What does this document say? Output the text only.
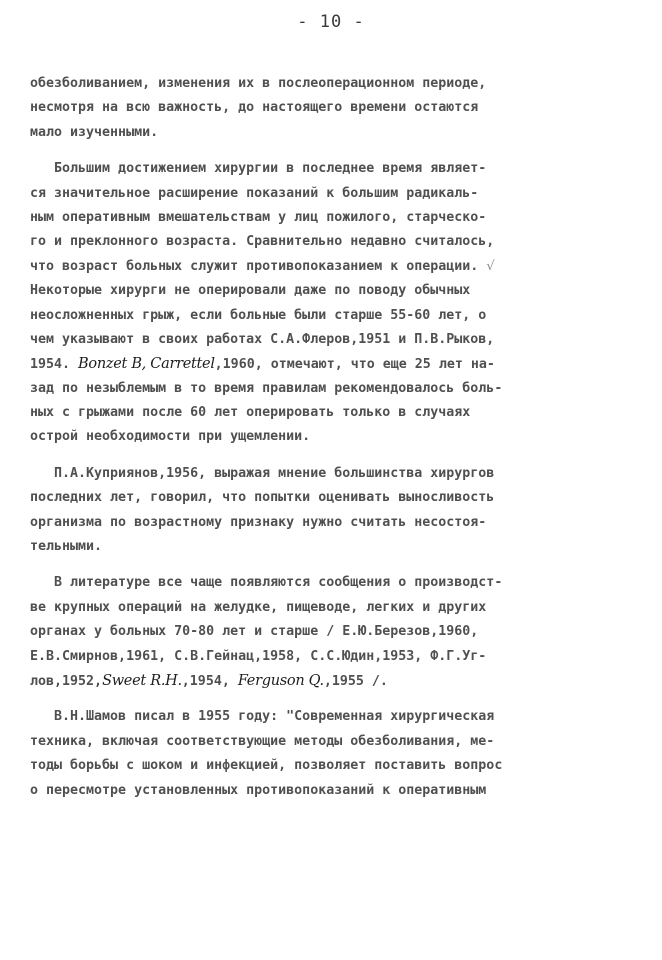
- 10 -
обезболиванием, изменения их в послеоперационном периоде,
несмотря на всю важность, до настоящего времени остаются
мало изученными.
Большим достижением хирургии в последнее время являет-
ся значительное расширение показаний к большим радикаль-
ным оперативным вмешательствам у лиц пожилого, старческо-
го и преклонного возраста. Сравнительно недавно считалось,
что возраст больных служит противопоказанием к операции. √
Некоторые хирурги не оперировали даже по поводу обычных
неосложненных грыж, если больные были старше 55-60 лет, о
чем указывают в своих работах С.А.Флеров,1951 и П.В.Рыков,
1954. Bonzet B, Carrettel,1960, отмечают, что еще 25 лет на-
зад по незыблемым в то время правилам рекомендовалось боль-
ных с грыжами после 60 лет оперировать только в случаях
острой необходимости при ущемлении.
П.А.Куприянов,1956, выражая мнение большинства хирургов
последних лет, говорил, что попытки оценивать выносливость
организма по возрастному признаку нужно считать несостоя-
тельными.
В литературе все чаще появляются сообщения о производст-
ве крупных операций на желудке, пищеводе, легких и других
органах у больных 70-80 лет и старше / Е.Ю.Березов,1960,
Е.В.Смирнов,1961, С.В.Гейнац,1958, С.С.Юдин,1953, Ф.Г.Уг-
лов,1952,Sweet R.H.,1954, Ferguson Q.,1955 /.
В.Н.Шамов писал в 1955 году: "Современная хирургическая
техника, включая соответствующие методы обезболивания, ме-
тоды борьбы с шоком и инфекцией, позволяет поставить вопрос
о пересмотре установленных противопоказаний к оперативным
